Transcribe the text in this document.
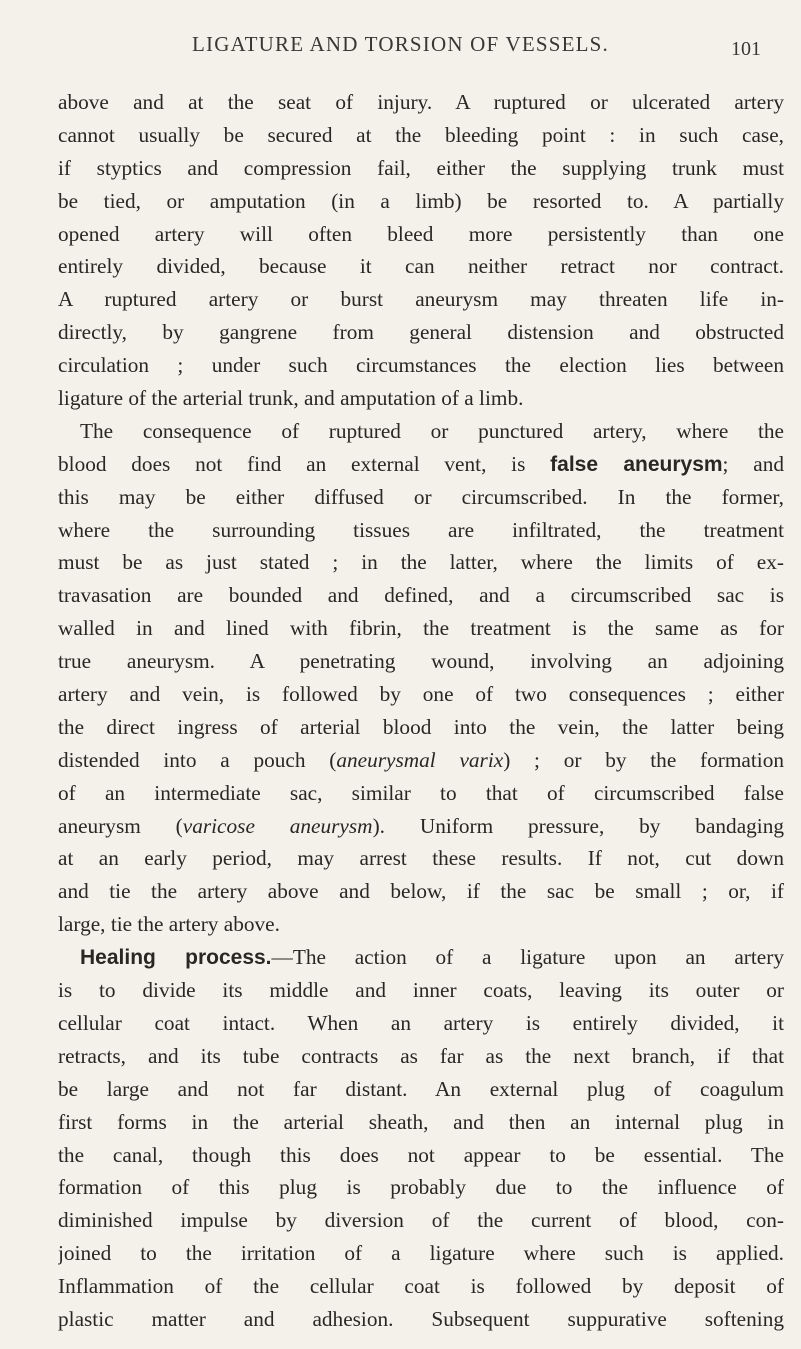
LIGATURE AND TORSION OF VESSELS.	101
above and at the seat of injury. A ruptured or ulcerated artery
cannot usually be secured at the bleeding point : in such case,
if styptics and compression fail, either the supplying trunk must
be tied, or amputation (in a limb) be resorted to. A partially
opened artery will often bleed more persistently than one
entirely divided, because it can neither retract nor contract.
A ruptured artery or burst aneurysm may threaten life in-
directly, by gangrene from general distension and obstructed
circulation ; under such circumstances the election lies between
ligature of the arterial trunk, and amputation of a limb.
The consequence of ruptured or punctured artery, where the
blood does not find an external vent, is false aneurysm; and
this may be either diffused or circumscribed. In the former,
where the surrounding tissues are infiltrated, the treatment
must be as just stated ; in the latter, where the limits of ex-
travasation are bounded and defined, and a circumscribed sac is
walled in and lined with fibrin, the treatment is the same as for
true aneurysm. A penetrating wound, involving an adjoining
artery and vein, is followed by one of two consequences ; either
the direct ingress of arterial blood into the vein, the latter being
distended into a pouch (aneurysmal varix) ; or by the formation
of an intermediate sac, similar to that of circumscribed false
aneurysm (varicose aneurysm). Uniform pressure, by bandaging
at an early period, may arrest these results. If not, cut down
and tie the artery above and below, if the sac be small ; or, if
large, tie the artery above.
Healing process.—The action of a ligature upon an artery
is to divide its middle and inner coats, leaving its outer or
cellular coat intact. When an artery is entirely divided, it
retracts, and its tube contracts as far as the next branch, if that
be large and not far distant. An external plug of coagulum
first forms in the arterial sheath, and then an internal plug in
the canal, though this does not appear to be essential. The
formation of this plug is probably due to the influence of
diminished impulse by diversion of the current of blood, con-
joined to the irritation of a ligature where such is applied.
Inflammation of the cellular coat is followed by deposit of
plastic matter and adhesion. Subsequent suppurative softening
